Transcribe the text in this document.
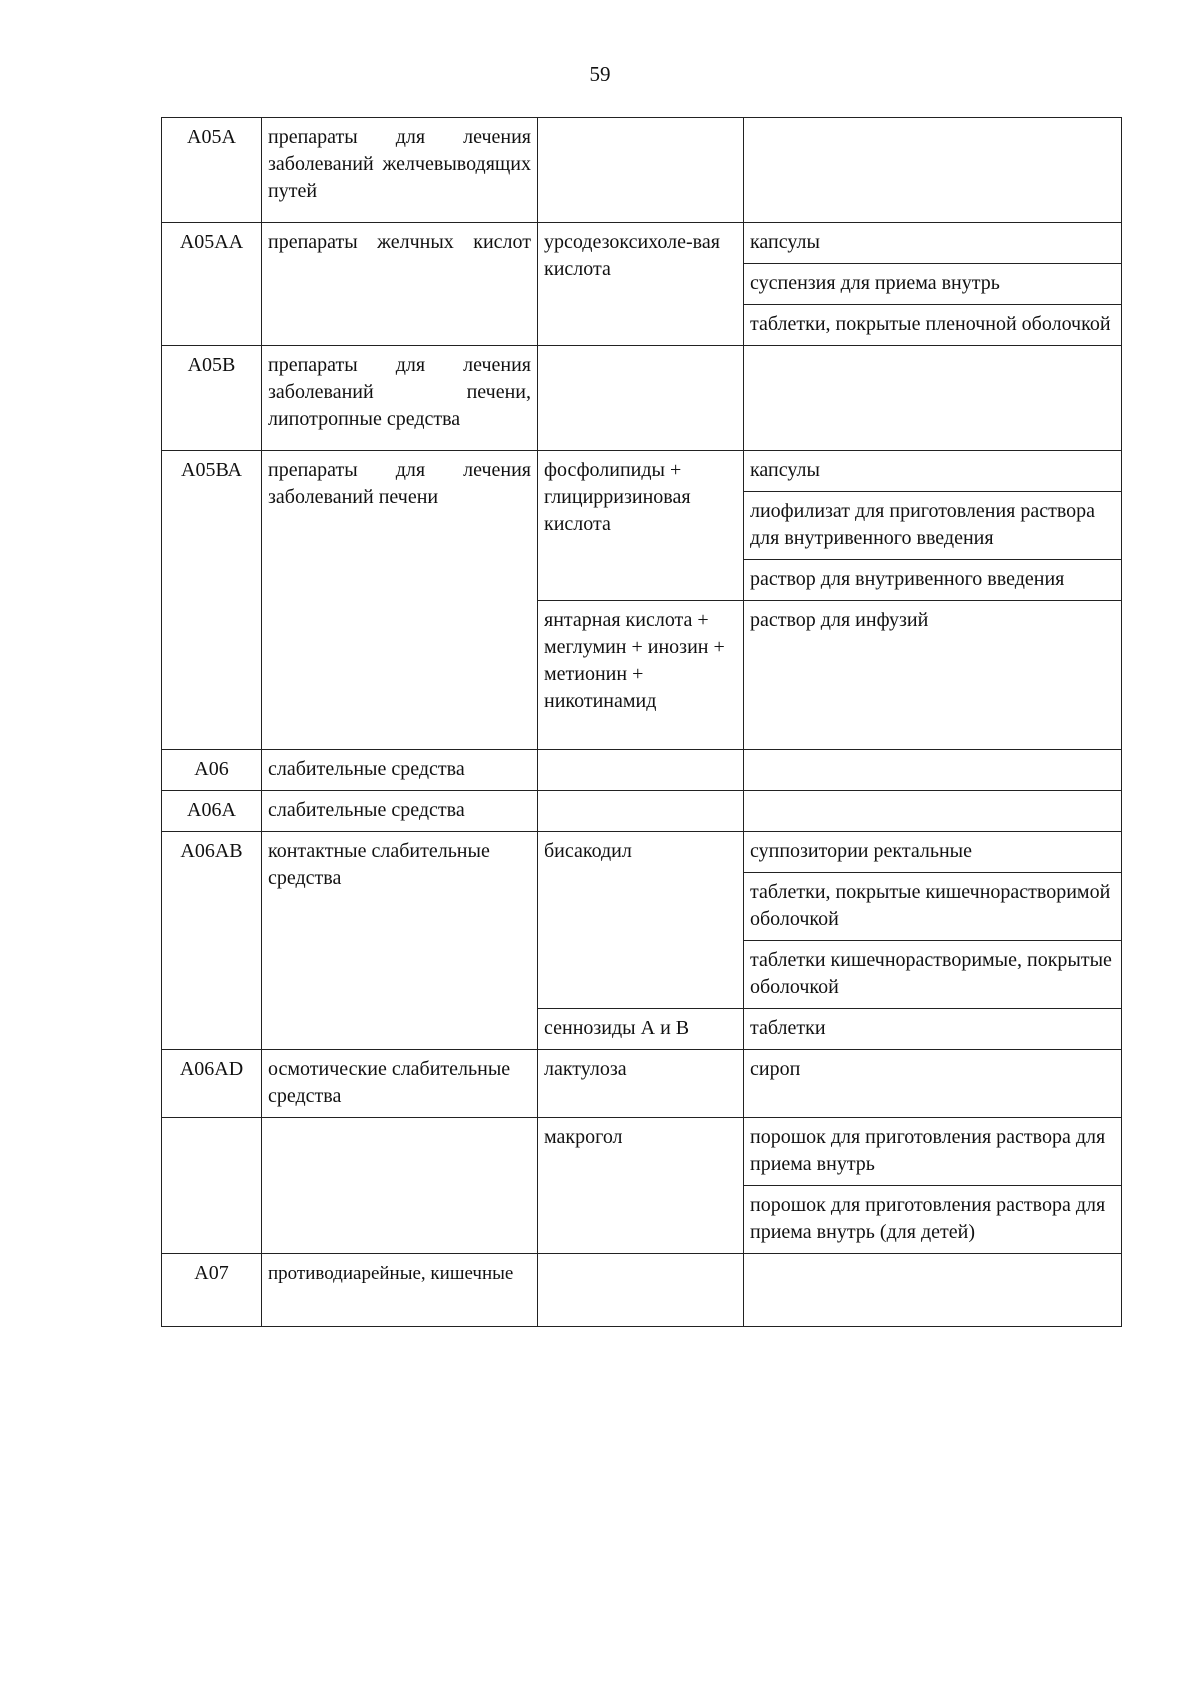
59
А05А	препараты для лечения заболеваний желчевыводящих путей		
А05АА	препараты желчных кислот	урсодезоксихоле-вая кислота	капсулы
			суспензия для приема внутрь
			таблетки, покрытые пленочной оболочкой
А05В	препараты для лечения заболеваний печени, липотропные средства		
А05ВА	препараты для лечения заболеваний печени	фосфолипиды + глицирризиновая кислота	капсулы
			лиофилизат для приготовления раствора для внутривенного введения
			раствор для внутривенного введения
		янтарная кислота + меглумин + инозин + метионин + никотинамид	раствор для инфузий
А06	слабительные средства		
А06А	слабительные средства		
А06АВ	контактные слабительные средства	бисакодил	суппозитории ректальные
			таблетки, покрытые кишечнорастворимой оболочкой
			таблетки кишечнорастворимые, покрытые оболочкой
		сеннозиды А и В	таблетки
А06АD	осмотические слабительные средства	лактулоза	сироп
		макрогол	порошок для приготовления раствора для приема внутрь
			порошок для приготовления раствора для приема внутрь (для детей)
А07	противодиарейные, кишечные		
